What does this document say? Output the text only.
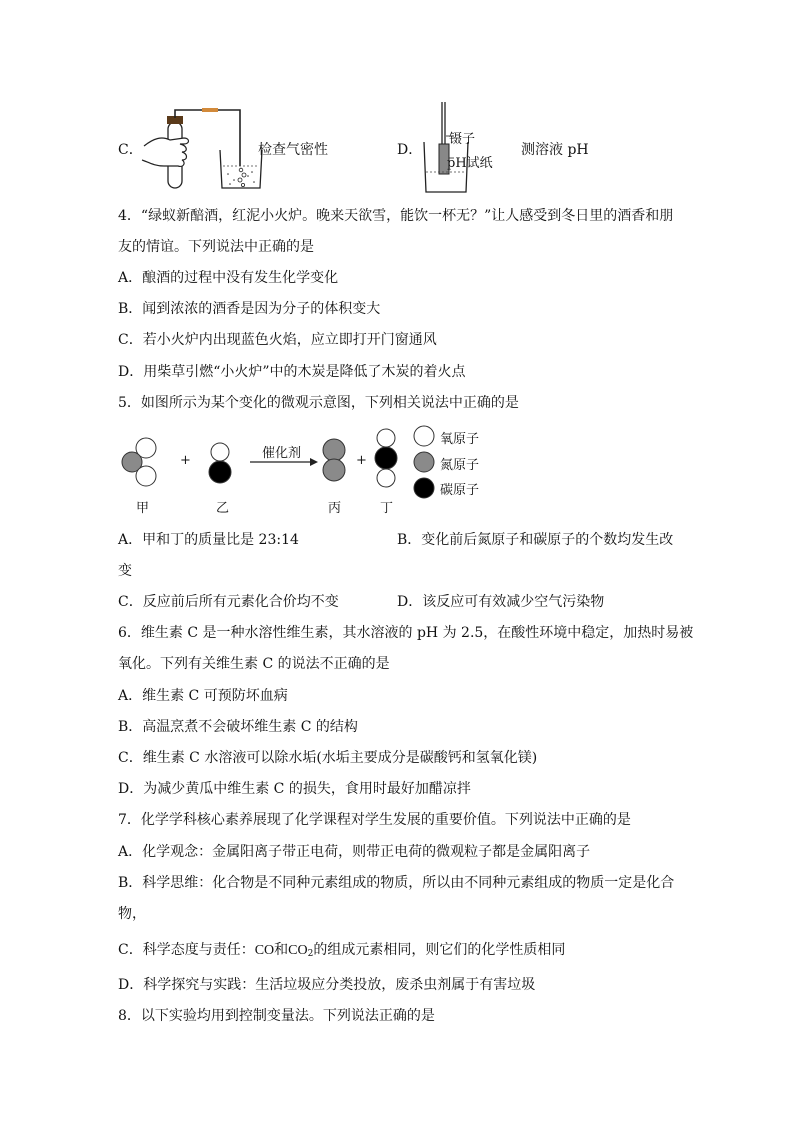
C．	检查气密性	D．
镊子
pH试纸
测溶液 pH
4．“绿蚁新醅酒，红泥小火炉。晚来天欲雪，能饮一杯无？”让人感受到冬日里的酒香和朋
友的情谊。下列说法中正确的是
A．酿酒的过程中没有发生化学变化
B．闻到浓浓的酒香是因为分子的体积变大
C．若小火炉内出现蓝色火焰，应立即打开门窗通风
D．用柴草引燃“小火炉”中的木炭是降低了木炭的着火点
5．如图所示为某个变化的微观示意图，下列相关说法中正确的是
+	+
催化剂
氧原子
氮原子
碳原子
甲	乙	丙	丁
A．甲和丁的质量比是 23:14	B．变化前后氮原子和碳原子的个数均发生改
变
C．反应前后所有元素化合价均不变	D．该反应可有效减少空气污染物
6．维生素 C 是一种水溶性维生素，其水溶液的 pH 为 2.5，在酸性环境中稳定，加热时易被
氧化。下列有关维生素 C 的说法不正确的是
A．维生素 C 可预防坏血病
B．高温烹煮不会破坏维生素 C 的结构
C．维生素 C 水溶液可以除水垢(水垢主要成分是碳酸钙和氢氧化镁)
D．为减少黄瓜中维生素 C 的损失，食用时最好加醋凉拌
7．化学学科核心素养展现了化学课程对学生发展的重要价值。下列说法中正确的是
A．化学观念：金属阳离子带正电荷，则带正电荷的微观粒子都是金属阳离子
B．科学思维：化合物是不同种元素组成的物质，所以由不同种元素组成的物质一定是化合
物，
C．科学态度与责任：CO和$CO_2$的组成元素相同，则它们的化学性质相同
D．科学探究与实践：生活垃圾应分类投放，废杀虫剂属于有害垃圾
8．以下实验均用到控制变量法。下列说法正确的是
